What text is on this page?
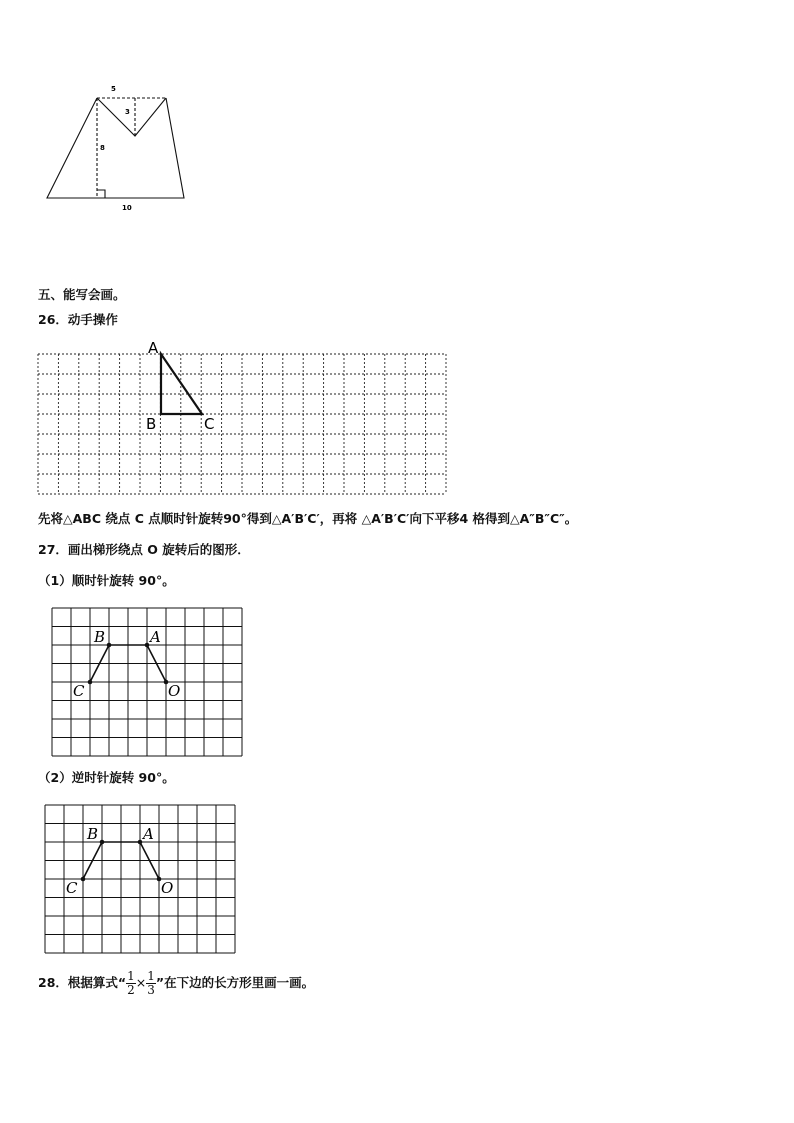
5
3
8
10
五、能写会画。
26．动手操作
A
B	C
先将△ABC 绕点 C 点顺时针旋转90°得到△A′B′C′，再将 △A′B′C′向下平移4 格得到△A″B″C″。
27．画出梯形绕点 O 旋转后的图形．
（1）顺时针旋转 90°。
B	A
C	O
（2）逆时针旋转 90°。
B	A
C	O
28．根据算式“ $\frac{1}{2} \times \frac{1}{3}$ ”在下边的长方形里画一画。
